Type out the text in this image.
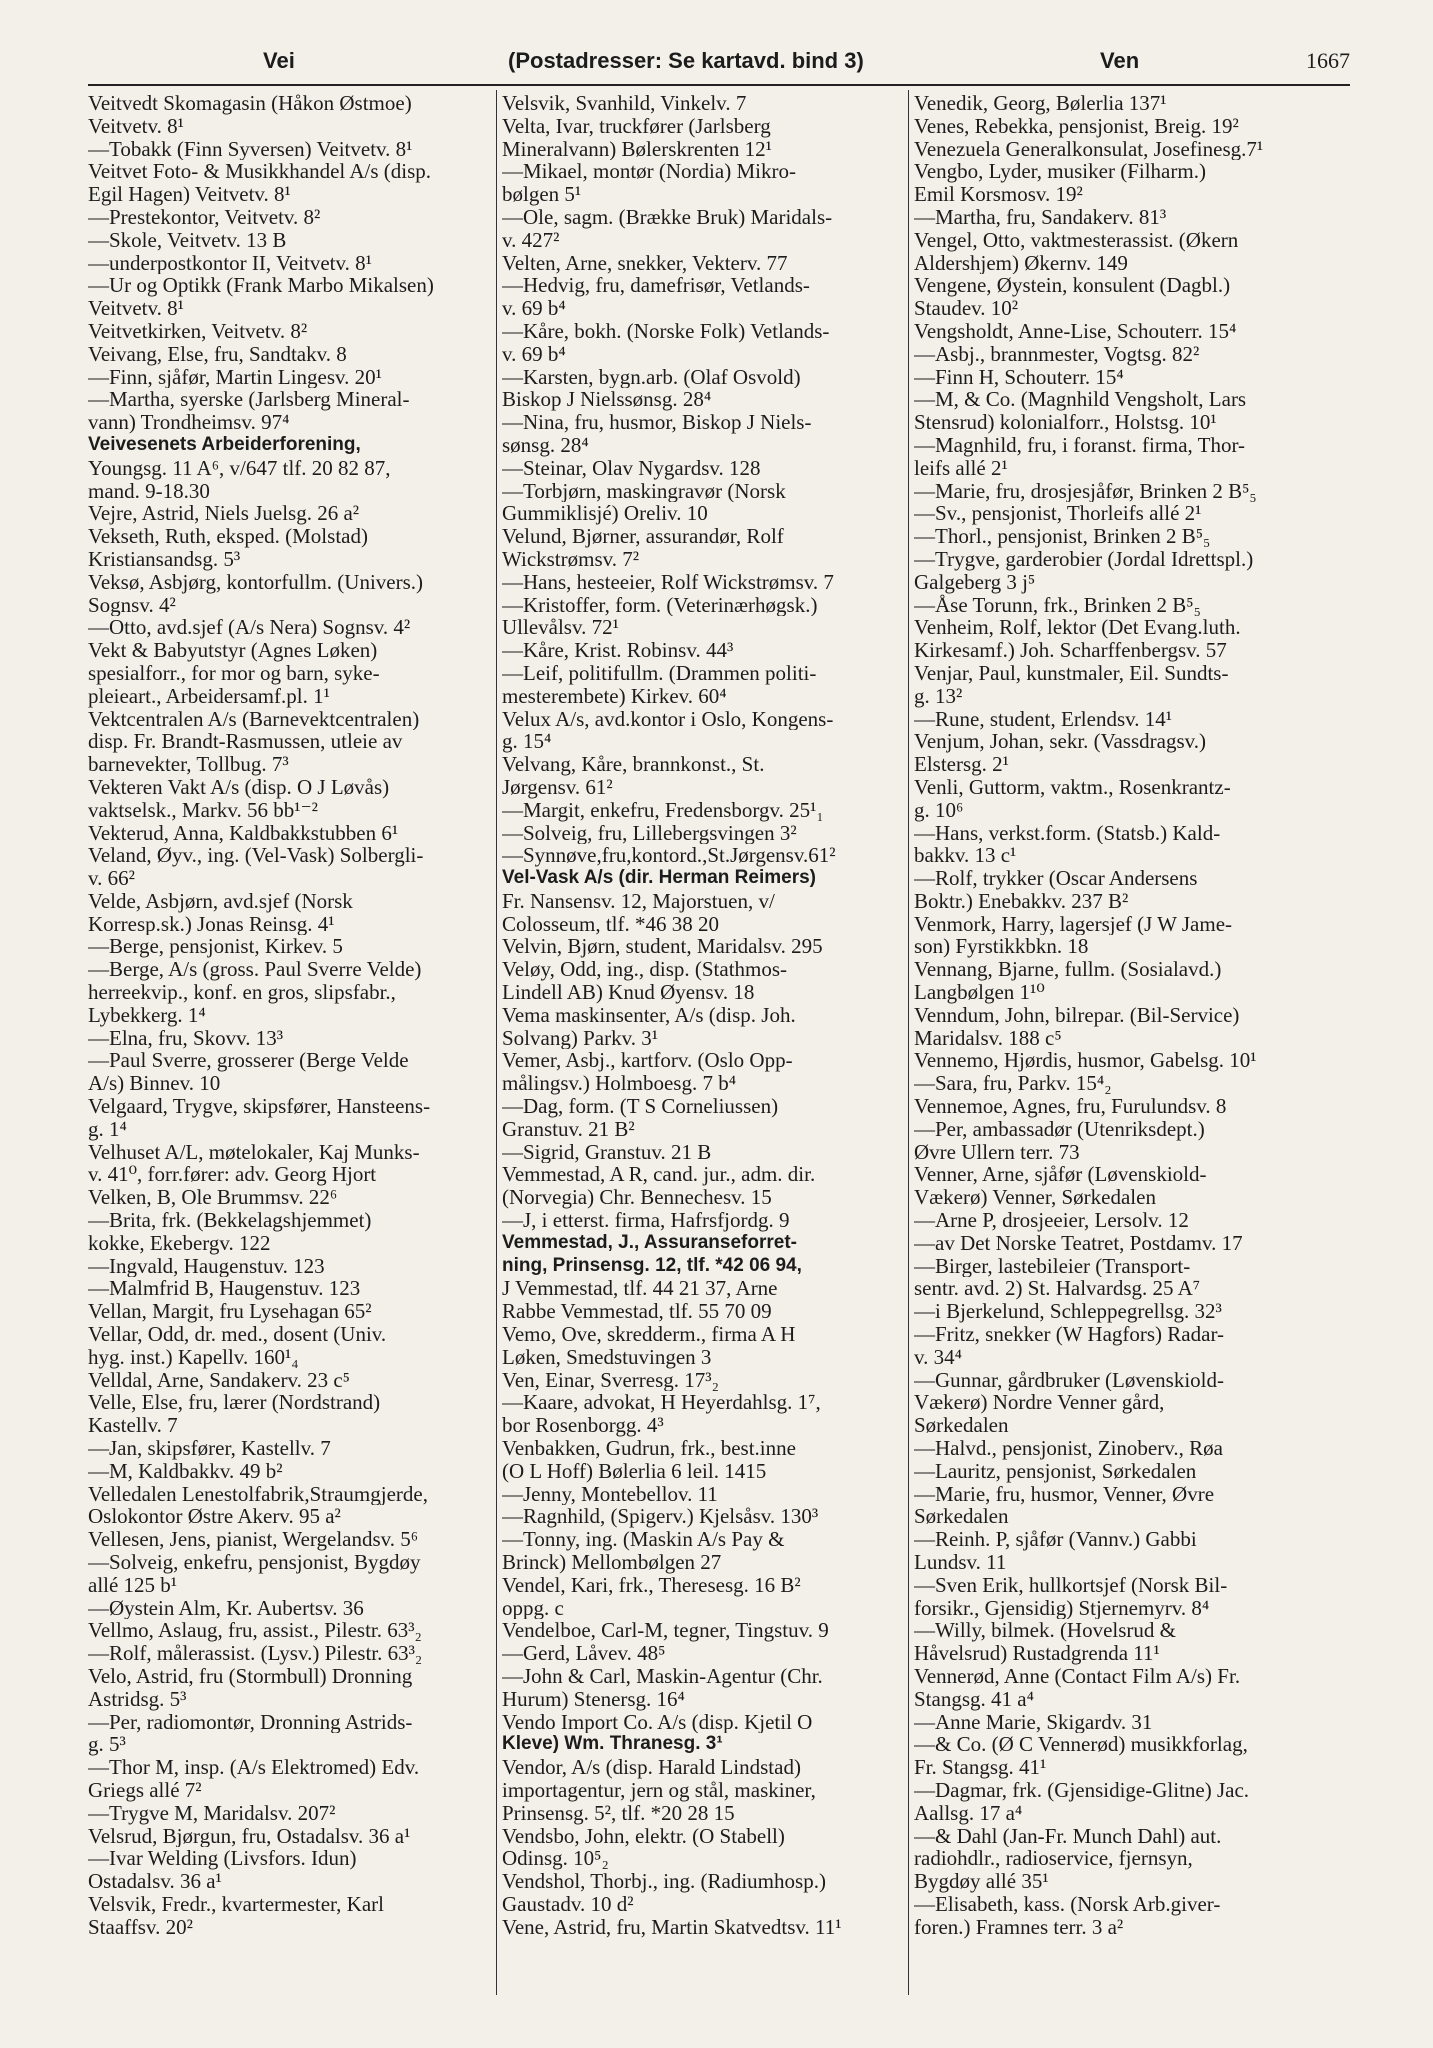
Vei	(Postadresser: Se kartavd. bind 3)	Ven	1667
Veitvedt Skomagasin (Håkon Østmoe)
Veitvetv. 8¹
—Tobakk (Finn Syversen) Veitvetv. 8¹
Veitvet Foto- & Musikkhandel A/s (disp.
Egil Hagen) Veitvetv. 8¹
—Prestekontor, Veitvetv. 8²
—Skole, Veitvetv. 13 B
—underpostkontor II, Veitvetv. 8¹
—Ur og Optikk (Frank Marbo Mikalsen)
Veitvetv. 8¹
Veitvetkirken, Veitvetv. 8²
Veivang, Else, fru, Sandtakv. 8
—Finn, sjåfør, Martin Lingesv. 20¹
—Martha, syerske (Jarlsberg Mineral-
vann) Trondheimsv. 97⁴
Veivesenets Arbeiderforening,
Youngsg. 11 A⁶, v/647 tlf. 20 82 87,
mand. 9-18.30
Vejre, Astrid, Niels Juelsg. 26 a²
Vekseth, Ruth, eksped. (Molstad)
Kristiansandsg. 5³
Veksø, Asbjørg, kontorfullm. (Univers.)
Sognsv. 4²
—Otto, avd.sjef (A/s Nera) Sognsv. 4²
Vekt & Babyutstyr (Agnes Løken)
spesialforr., for mor og barn, syke-
pleieart., Arbeidersamf.pl. 1¹
Vektcentralen A/s (Barnevektcentralen)
disp. Fr. Brandt-Rasmussen, utleie av
barnevekter, Tollbug. 7³
Vekteren Vakt A/s (disp. O J Løvås)
vaktselsk., Markv. 56 bb¹⁻²
Vekterud, Anna, Kaldbakkstubben 6¹
Veland, Øyv., ing. (Vel-Vask) Solbergli-
v. 66²
Velde, Asbjørn, avd.sjef (Norsk
Korresp.sk.) Jonas Reinsg. 4¹
—Berge, pensjonist, Kirkev. 5
—Berge, A/s (gross. Paul Sverre Velde)
herreekvip., konf. en gros, slipsfabr.,
Lybekkerg. 1⁴
—Elna, fru, Skovv. 13³
—Paul Sverre, grosserer (Berge Velde
A/s) Binnev. 10
Velgaard, Trygve, skipsfører, Hansteens-
g. 1⁴
Velhuset A/L, møtelokaler, Kaj Munks-
v. 41⁰, forr.fører: adv. Georg Hjort
Velken, B, Ole Brummsv. 22⁶
—Brita, frk. (Bekkelagshjemmet)
kokke, Ekebergv. 122
—Ingvald, Haugenstuv. 123
—Malmfrid B, Haugenstuv. 123
Vellan, Margit, fru Lysehagan 65²
Vellar, Odd, dr. med., dosent (Univ.
hyg. inst.) Kapellv. 160¹₄
Velldal, Arne, Sandakerv. 23 c⁵
Velle, Else, fru, lærer (Nordstrand)
Kastellv. 7
—Jan, skipsfører, Kastellv. 7
—M, Kaldbakkv. 49 b²
Velledalen Lenestolfabrik,Straumgjerde,
Oslokontor Østre Akerv. 95 a²
Vellesen, Jens, pianist, Wergelandsv. 5⁶
—Solveig, enkefru, pensjonist, Bygdøy
allé 125 b¹
—Øystein Alm, Kr. Aubertsv. 36
Vellmo, Aslaug, fru, assist., Pilestr. 63³₂
—Rolf, målerassist. (Lysv.) Pilestr. 63³₂
Velo, Astrid, fru (Stormbull) Dronning
Astridsg. 5³
—Per, radiomontør, Dronning Astrids-
g. 5³
—Thor M, insp. (A/s Elektromed) Edv.
Griegs allé 7²
—Trygve M, Maridalsv. 207²
Velsrud, Bjørgun, fru, Ostadalsv. 36 a¹
—Ivar Welding (Livsfors. Idun)
Ostadalsv. 36 a¹
Velsvik, Fredr., kvartermester, Karl
Staaffsv. 20²
Velsvik, Svanhild, Vinkelv. 7
Velta, Ivar, truckfører (Jarlsberg
Mineralvann) Bølerskrenten 12¹
—Mikael, montør (Nordia) Mikro-
bølgen 5¹
—Ole, sagm. (Brække Bruk) Maridals-
v. 427²
Velten, Arne, snekker, Vekterv. 77
—Hedvig, fru, damefrisør, Vetlands-
v. 69 b⁴
—Kåre, bokh. (Norske Folk) Vetlands-
v. 69 b⁴
—Karsten, bygn.arb. (Olaf Osvold)
Biskop J Nielssønsg. 28⁴
—Nina, fru, husmor, Biskop J Niels-
sønsg. 28⁴
—Steinar, Olav Nygardsv. 128
—Torbjørn, maskingravør (Norsk
Gummiklisjé) Oreliv. 10
Velund, Bjørner, assurandør, Rolf
Wickstrømsv. 7²
—Hans, hesteeier, Rolf Wickstrømsv. 7
—Kristoffer, form. (Veterinærhøgsk.)
Ullevålsv. 72¹
—Kåre, Krist. Robinsv. 44³
—Leif, politifullm. (Drammen politi-
mesterembete) Kirkev. 60⁴
Velux A/s, avd.kontor i Oslo, Kongens-
g. 15⁴
Velvang, Kåre, brannkonst., St.
Jørgensv. 61²
—Margit, enkefru, Fredensborgv. 25¹₁
—Solveig, fru, Lillebergsvingen 3²
—Synnøve,fru,kontord.,St.Jørgensv.61²
Vel-Vask A/s (dir. Herman Reimers)
Fr. Nansensv. 12, Majorstuen, v/
Colosseum, tlf. *46 38 20
Velvin, Bjørn, student, Maridalsv. 295
Veløy, Odd, ing., disp. (Stathmos-
Lindell AB) Knud Øyensv. 18
Vema maskinsenter, A/s (disp. Joh.
Solvang) Parkv. 3¹
Vemer, Asbj., kartforv. (Oslo Opp-
målingsv.) Holmboesg. 7 b⁴
—Dag, form. (T S Corneliussen)
Granstuv. 21 B²
—Sigrid, Granstuv. 21 B
Vemmestad, A R, cand. jur., adm. dir.
(Norvegia) Chr. Bennechesv. 15
—J, i etterst. firma, Hafrsfjordg. 9
Vemmestad, J., Assuranseforret-
ning, Prinsensg. 12, tlf. *42 06 94,
J Vemmestad, tlf. 44 21 37, Arne
Rabbe Vemmestad, tlf. 55 70 09
Vemo, Ove, skredderm., firma A H
Løken, Smedstuvingen 3
Ven, Einar, Sverresg. 17³₂
—Kaare, advokat, H Heyerdahlsg. 1⁷,
bor Rosenborgg. 4³
Venbakken, Gudrun, frk., best.inne
(O L Hoff) Bølerlia 6 leil. 1415
—Jenny, Montebellov. 11
—Ragnhild, (Spigerv.) Kjelsåsv. 130³
—Tonny, ing. (Maskin A/s Pay &
Brinck) Mellombølgen 27
Vendel, Kari, frk., Theresesg. 16 B²
oppg. c
Vendelboe, Carl-M, tegner, Tingstuv. 9
—Gerd, Låvev. 48⁵
—John & Carl, Maskin-Agentur (Chr.
Hurum) Stenersg. 16⁴
Vendo Import Co. A/s (disp. Kjetil O
Kleve) Wm. Thranesg. 3¹
Vendor, A/s (disp. Harald Lindstad)
importagentur, jern og stål, maskiner,
Prinsensg. 5², tlf. *20 28 15
Vendsbo, John, elektr. (O Stabell)
Odinsg. 10⁵₂
Vendshol, Thorbj., ing. (Radiumhosp.)
Gaustadv. 10 d²
Vene, Astrid, fru, Martin Skatvedtsv. 11¹
Venedik, Georg, Bølerlia 137¹
Venes, Rebekka, pensjonist, Breig. 19²
Venezuela Generalkonsulat, Josefinesg.7¹
Vengbo, Lyder, musiker (Filharm.)
Emil Korsmosv. 19²
—Martha, fru, Sandakerv. 81³
Vengel, Otto, vaktmesterassist. (Økern
Aldershjem) Økernv. 149
Vengene, Øystein, konsulent (Dagbl.)
Staudev. 10²
Vengsholdt, Anne-Lise, Schouterr. 15⁴
—Asbj., brannmester, Vogtsg. 82²
—Finn H, Schouterr. 15⁴
—M, & Co. (Magnhild Vengsholt, Lars
Stensrud) kolonialforr., Holstsg. 10¹
—Magnhild, fru, i foranst. firma, Thor-
leifs allé 2¹
—Marie, fru, drosjesjåfør, Brinken 2 B⁵₅
—Sv., pensjonist, Thorleifs allé 2¹
—Thorl., pensjonist, Brinken 2 B⁵₅
—Trygve, garderobier (Jordal Idrettspl.)
Galgeberg 3 j⁵
—Åse Torunn, frk., Brinken 2 B⁵₅
Venheim, Rolf, lektor (Det Evang.luth.
Kirkesamf.) Joh. Scharffenbergsv. 57
Venjar, Paul, kunstmaler, Eil. Sundts-
g. 13²
—Rune, student, Erlendsv. 14¹
Venjum, Johan, sekr. (Vassdragsv.)
Elstersg. 2¹
Venli, Guttorm, vaktm., Rosenkrantz-
g. 10⁶
—Hans, verkst.form. (Statsb.) Kald-
bakkv. 13 c¹
—Rolf, trykker (Oscar Andersens
Boktr.) Enebakkv. 237 B²
Venmork, Harry, lagersjef (J W Jame-
son) Fyrstikkbkn. 18
Vennang, Bjarne, fullm. (Sosialavd.)
Langbølgen 1¹⁰
Venndum, John, bilrepar. (Bil-Service)
Maridalsv. 188 c⁵
Vennemo, Hjørdis, husmor, Gabelsg. 10¹
—Sara, fru, Parkv. 15⁴₂
Vennemoe, Agnes, fru, Furulundsv. 8
—Per, ambassadør (Utenriksdept.)
Øvre Ullern terr. 73
Venner, Arne, sjåfør (Løvenskiold-
Vækerø) Venner, Sørkedalen
—Arne P, drosjeeier, Lersolv. 12
—av Det Norske Teatret, Postdamv. 17
—Birger, lastebileier (Transport-
sentr. avd. 2) St. Halvardsg. 25 A⁷
—i Bjerkelund, Schleppegrellsg. 32³
—Fritz, snekker (W Hagfors) Radar-
v. 34⁴
—Gunnar, gårdbruker (Løvenskiold-
Vækerø) Nordre Venner gård,
Sørkedalen
—Halvd., pensjonist, Zinoberv., Røa
—Lauritz, pensjonist, Sørkedalen
—Marie, fru, husmor, Venner, Øvre
Sørkedalen
—Reinh. P, sjåfør (Vannv.) Gabbi
Lundsv. 11
—Sven Erik, hullkortsjef (Norsk Bil-
forsikr., Gjensidig) Stjernemyrv. 8⁴
—Willy, bilmek. (Hovelsrud &
Håvelsrud) Rustadgrenda 11¹
Vennerød, Anne (Contact Film A/s) Fr.
Stangsg. 41 a⁴
—Anne Marie, Skigardv. 31
—& Co. (Ø C Vennerød) musikkforlag,
Fr. Stangsg. 41¹
—Dagmar, frk. (Gjensidige-Glitne) Jac.
Aallsg. 17 a⁴
—& Dahl (Jan-Fr. Munch Dahl) aut.
radiohdlr., radioservice, fjernsyn,
Bygdøy allé 35¹
—Elisabeth, kass. (Norsk Arb.giver-
foren.) Framnes terr. 3 a²
